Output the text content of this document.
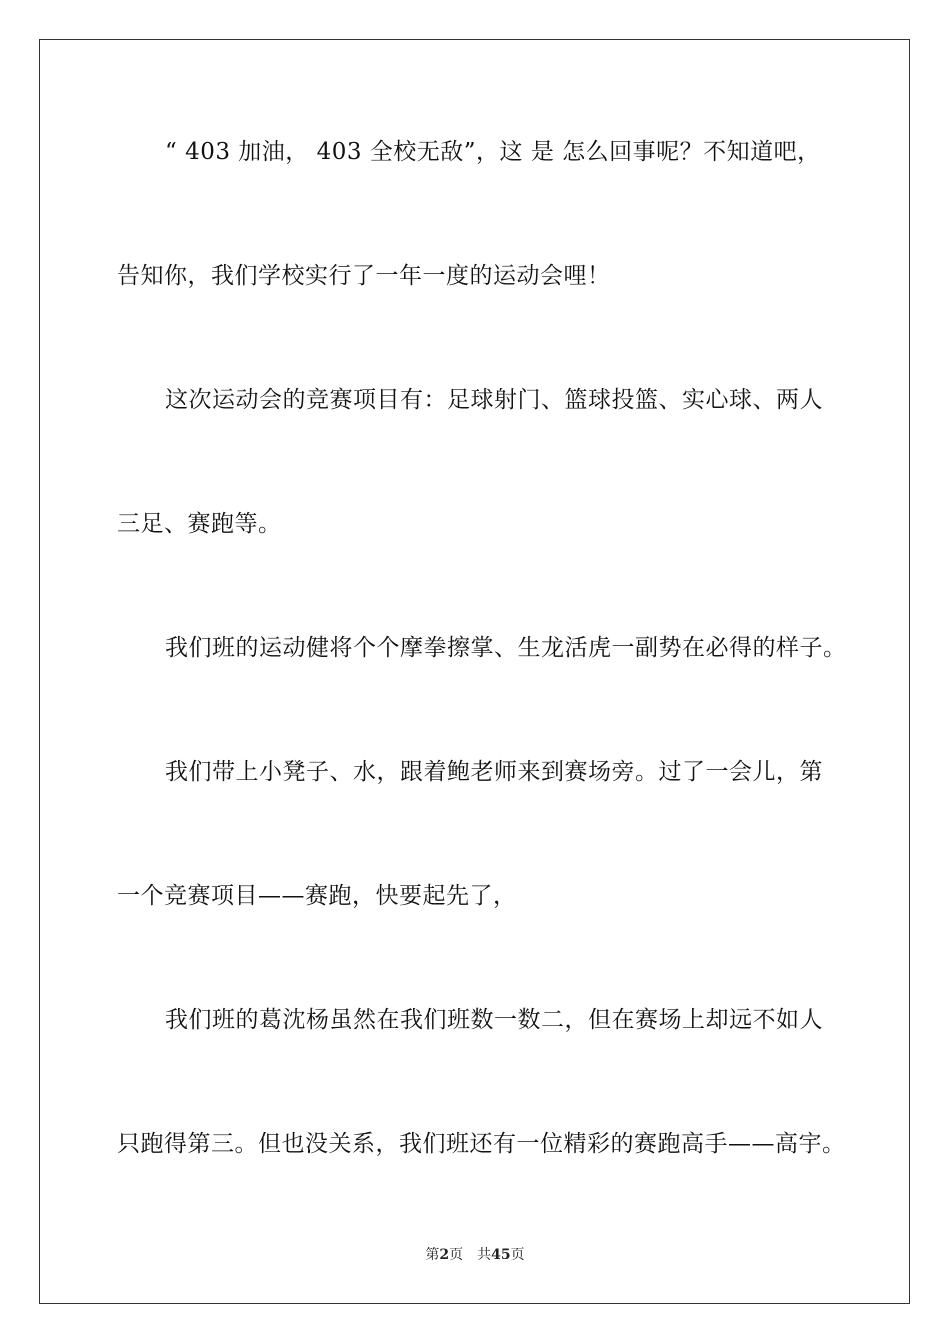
“ 403 加油， 403 全校无敌”，这 是 怎么回事呢？不知道吧，
告知你，我们学校实行了一年一度的运动会哩！
这次运动会的竞赛项目有：足球射门、篮球投篮、实心球、两人
三足、赛跑等。
我们班的运动健将个个摩拳擦掌、生龙活虎一副势在必得的样子。
我们带上小凳子、水，跟着鲍老师来到赛场旁。过了一会儿，第
一个竞赛项目——赛跑，快要起先了，
我们班的葛沈杨虽然在我们班数一数二，但在赛场上却远不如人
只跑得第三。但也没关系，我们班还有一位精彩的赛跑高手——高宇。
第2页 共45页
